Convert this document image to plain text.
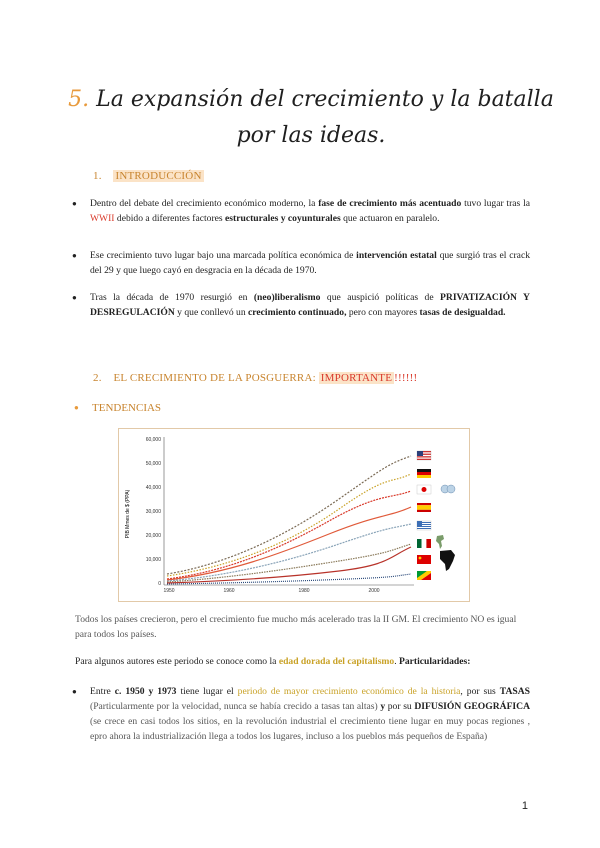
5. La expansión del crecimiento y la batalla por las ideas.
1. INTRODUCCIÓN
● Dentro del debate del crecimiento económico moderno, la fase de crecimiento más acentuado tuvo lugar tras la WWII debido a diferentes factores estructurales y coyunturales que actuaron en paralelo.
● Ese crecimiento tuvo lugar bajo una marcada política económica de intervención estatal que surgió tras el crack del 29 y que luego cayó en desgracia en la década de 1970.
● Tras la década de 1970 resurgió en (neo)liberalismo que auspició políticas de PRIVATIZACIÓN Y DESREGULACIÓN y que conllevó un crecimiento continuado, pero con mayores tasas de desigualdad.
2. EL CRECIMIENTO DE LA POSGUERRA: IMPORTANTE !!!!!!
● TENDENCIAS
PIB Mmes de $ (PPA)
60,000
50,000
40,000
30,000
20,000
10,000
0
1950	1960	1980	2000
Todos los países crecieron, pero el crecimiento fue mucho más acelerado tras la II GM. El crecimiento NO es igual para todos los países.
Para algunos autores este periodo se conoce como la edad dorada del capitalismo. Particularidades:
● Entre c. 1950 y 1973 tiene lugar el periodo de mayor crecimiento económico de la historia, por sus TASAS (Particularmente por la velocidad, nunca se había crecido a tasas tan altas) y por su DIFUSIÓN GEOGRÁFICA (se crece en casi todos los sitios, en la revolución industrial el crecimiento tiene lugar en muy pocas regiones , epro ahora la industrialización llega a todos los lugares, incluso a los pueblos más pequeños de España)
1
